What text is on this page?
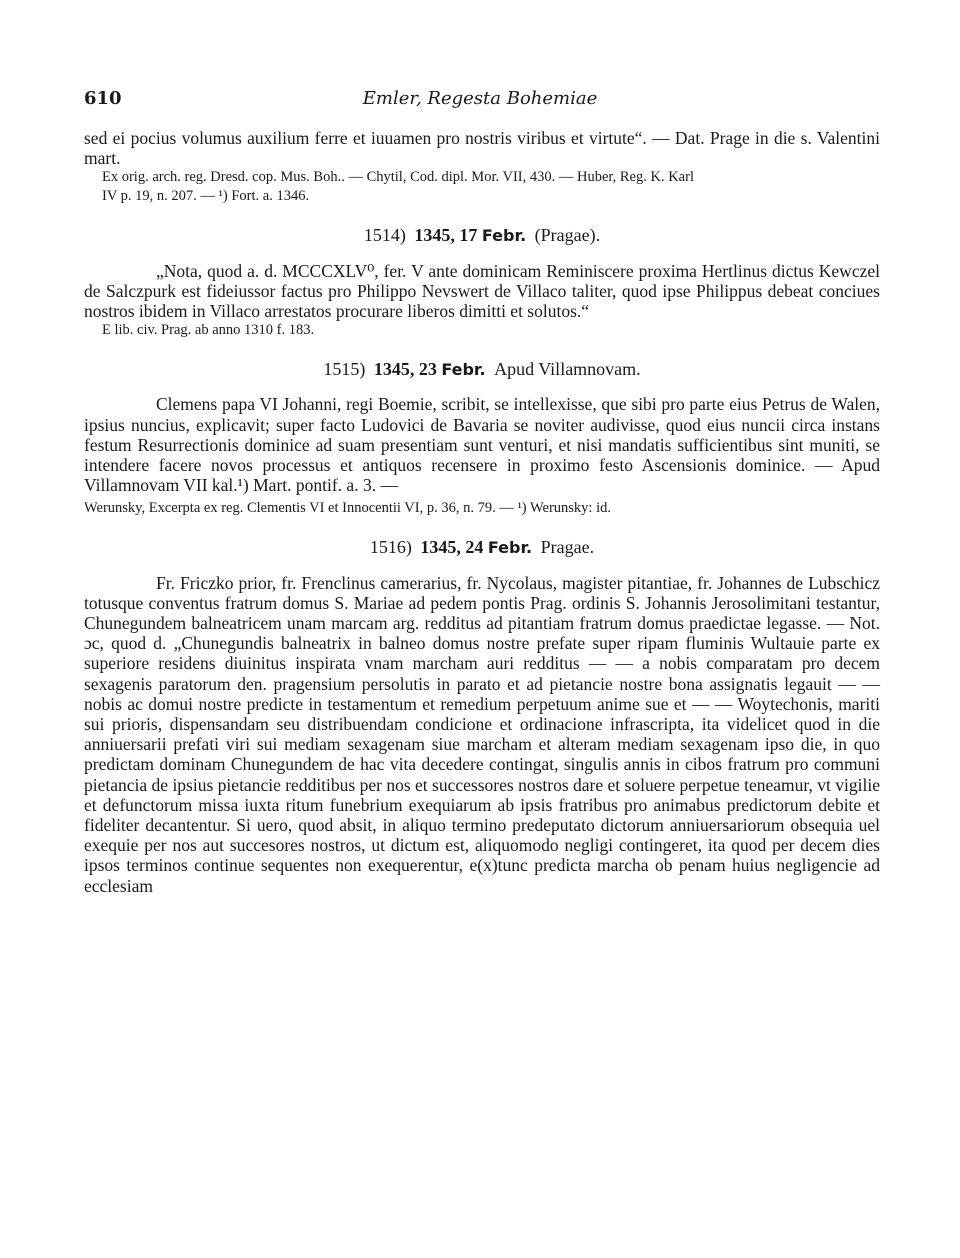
610	Emler, Regesta Bohemiae

sed ei pocius volumus auxilium ferre et iuuamen pro nostris viribus et virtute“. — Dat. Prage in die s. Valentini mart.

Ex orig. arch. reg. Dresd. cop. Mus. Boh.. — Chytil, Cod. dipl. Mor. VII, 430. — Huber, Reg. K. Karl

IV p. 19, n. 207. — ¹) Fort. a. 1346.

1514) 1345, 17 Febr. (Pragae).

„Nota, quod a. d. MCCCXLV⁰, fer. V ante dominicam Reminiscere proxima Hertlinus dictus Kewczel de Salczpurk est fideiussor factus pro Philippo Nevswert de Villaco taliter, quod ipse Philippus debeat conciues nostros ibidem in Villaco arrestatos procurare liberos dimitti et solutos.“

E lib. civ. Prag. ab anno 1310 f. 183.

1515) 1345, 23 Febr. Apud Villamnovam.

Clemens papa VI Johanni, regi Boemie, scribit, se intellexisse, que sibi pro parte eius Petrus de Walen, ipsius nuncius, explicavit; super facto Ludovici de Bavaria se noviter audivisse, quod eius nuncii circa instans festum Resurrectionis dominice ad suam presentiam sunt venturi, et nisi mandatis sufficientibus sint muniti, se intendere facere novos processus et antiquos recensere in proximo festo Ascensionis dominice. — Apud Villamnovam VII kal.¹) Mart. pontif. a. 3. —

Werunsky, Excerpta ex reg. Clementis VI et Innocentii VI, p. 36, n. 79. — ¹) Werunsky: id.

1516) 1345, 24 Febr. Pragae.

Fr. Friczko prior, fr. Frenclinus camerarius, fr. Nycolaus, magister pitantiae, fr. Johannes de Lubschicz totusque conventus fratrum domus S. Mariae ad pedem pontis Prag. ordinis S. Johannis Jerosolimitani testantur, Chunegundem balneatricem unam marcam arg. redditus ad pitantiam fratrum domus praedictae legasse. — Not. ɔc, quod d. „Chunegundis balneatrix in balneo domus nostre prefate super ripam fluminis Wultauie parte ex superiore residens diuinitus inspirata vnam marcham auri redditus — — a nobis comparatam pro decem sexagenis paratorum den. pragensium persolutis in parato et ad pietancie nostre bona assignatis legauit — — nobis ac domui nostre predicte in testamentum et remedium perpetuum anime sue et — — Woytechonis, mariti sui prioris, dispensandam seu distribuendam condicione et ordinacione infrascripta, ita videlicet quod in die anniuersarii prefati viri sui mediam sexagenam siue marcham et alteram mediam sexagenam ipso die, in quo predictam dominam Chunegundem de hac vita decedere contingat, singulis annis in cibos fratrum pro communi pietancia de ipsius pietancie redditibus per nos et successores nostros dare et soluere perpetue teneamur, vt vigilie et defunctorum missa iuxta ritum funebrium exequiarum ab ipsis fratribus pro animabus predictorum debite et fideliter decantentur. Si uero, quod absit, in aliquo termino predeputato dictorum anniuersariorum obsequia uel exequie per nos aut succesores nostros, ut dictum est, aliquomodo negligi contingeret, ita quod per decem dies ipsos terminos continue sequentes non exequerentur, e(x)tunc predicta marcha ob penam huius negligencie ad ecclesiam
